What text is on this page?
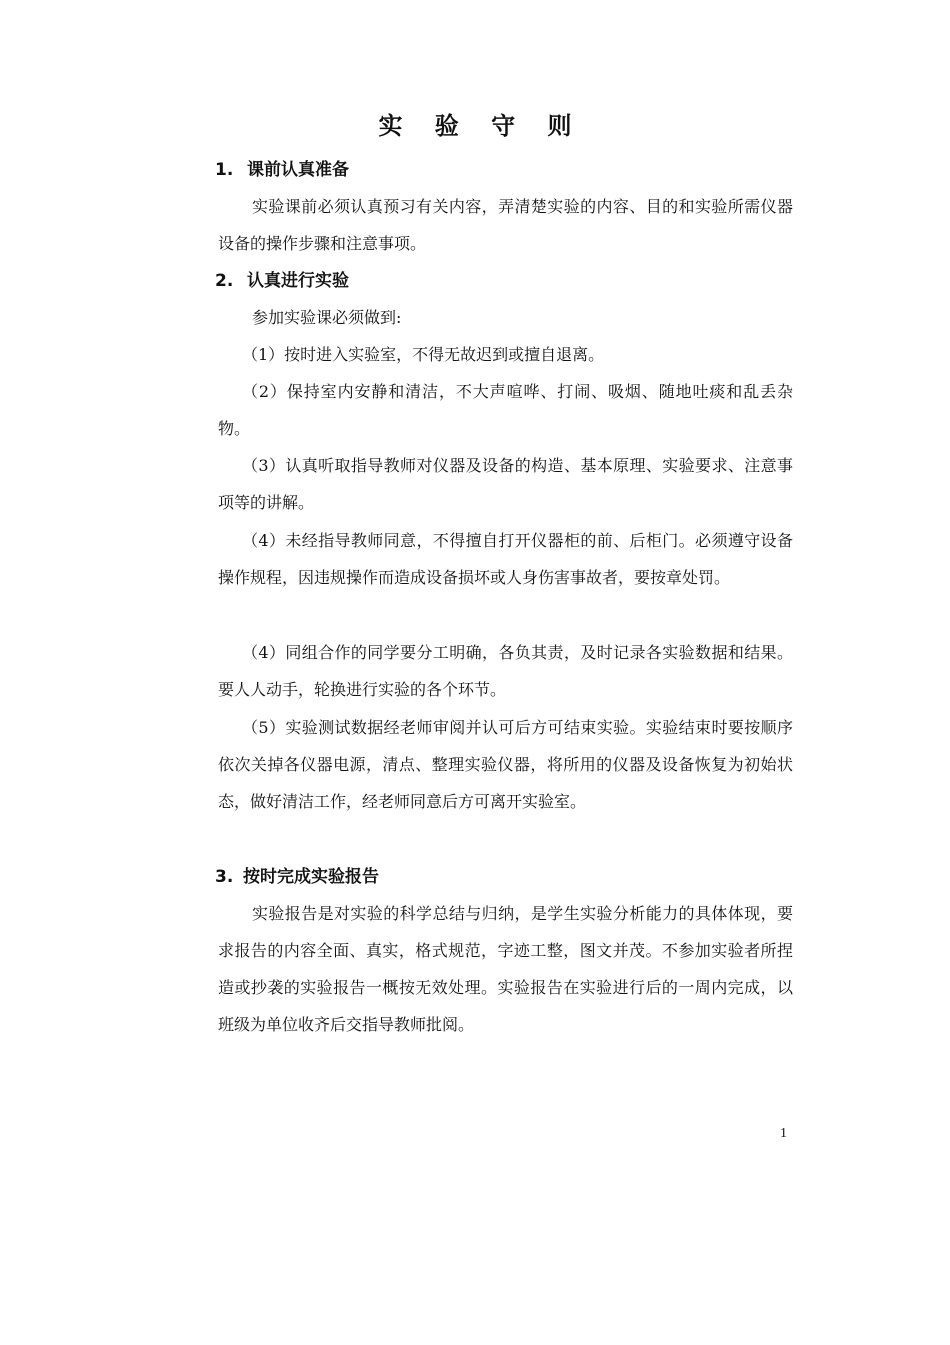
实 验 守 则
1. 课前认真准备

实验课前必须认真预习有关内容，弄清楚实验的内容、目的和实验所需仪器设备的操作步骤和注意事项。

2. 认真进行实验

参加实验课必须做到:

（1）按时进入实验室，不得无故迟到或擅自退离。

（2）保持室内安静和清洁，不大声喧哗、打闹、吸烟、随地吐痰和乱丢杂物。

（3）认真听取指导教师对仪器及设备的构造、基本原理、实验要求、注意事项等的讲解。

（4）未经指导教师同意，不得擅自打开仪器柜的前、后柜门。必须遵守设备操作规程，因违规操作而造成设备损坏或人身伤害事故者，要按章处罚。

（4）同组合作的同学要分工明确，各负其责，及时记录各实验数据和结果。要人人动手，轮换进行实验的各个环节。

（5）实验测试数据经老师审阅并认可后方可结束实验。实验结束时要按顺序依次关掉各仪器电源，清点、整理实验仪器，将所用的仪器及设备恢复为初始状态，做好清洁工作，经老师同意后方可离开实验室。

3. 按时完成实验报告

实验报告是对实验的科学总结与归纳，是学生实验分析能力的具体体现，要求报告的内容全面、真实，格式规范，字迹工整，图文并茂。不参加实验者所捏造或抄袭的实验报告一概按无效处理。实验报告在实验进行后的一周内完成，以班级为单位收齐后交指导教师批阅。

1
